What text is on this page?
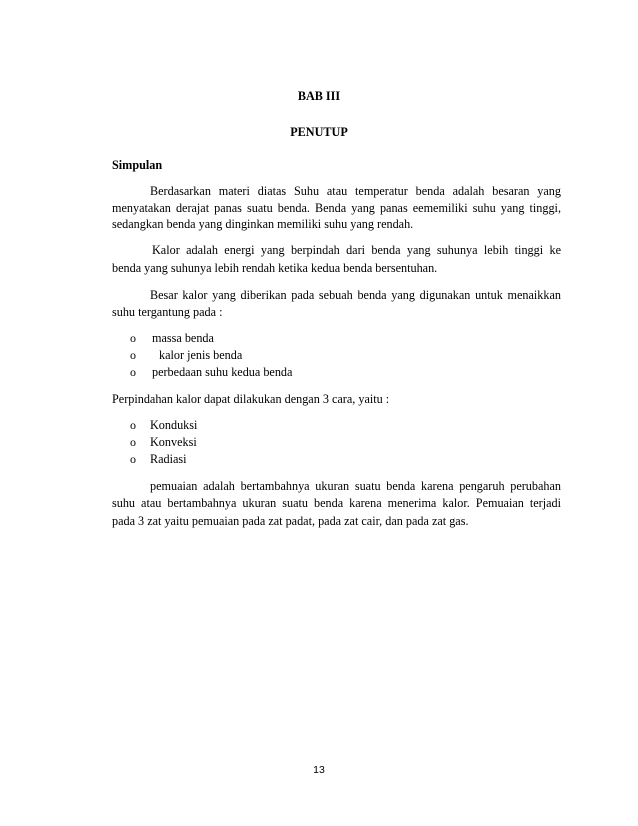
BAB III
PENUTUP
Simpulan
Berdasarkan materi diatas Suhu atau temperatur benda adalah besaran yang
menyatakan derajat panas suatu benda. Benda yang panas eememiliki suhu yang tinggi,
sedangkan benda yang dinginkan memiliki suhu yang rendah.
Kalor adalah energi yang berpindah dari benda yang suhunya lebih tinggi ke
benda yang suhunya lebih rendah ketika kedua benda bersentuhan.
Besar kalor yang diberikan pada sebuah benda yang digunakan untuk menaikkan
suhu tergantung pada :
o massa benda
o kalor jenis benda
o perbedaan suhu kedua benda
Perpindahan kalor dapat dilakukan dengan 3 cara, yaitu :
o Konduksi
o Konveksi
o Radiasi
pemuaian adalah bertambahnya ukuran suatu benda karena pengaruh perubahan
suhu atau bertambahnya ukuran suatu benda karena menerima kalor. Pemuaian terjadi
pada 3 zat yaitu pemuaian pada zat padat, pada zat cair, dan pada zat gas.
13
